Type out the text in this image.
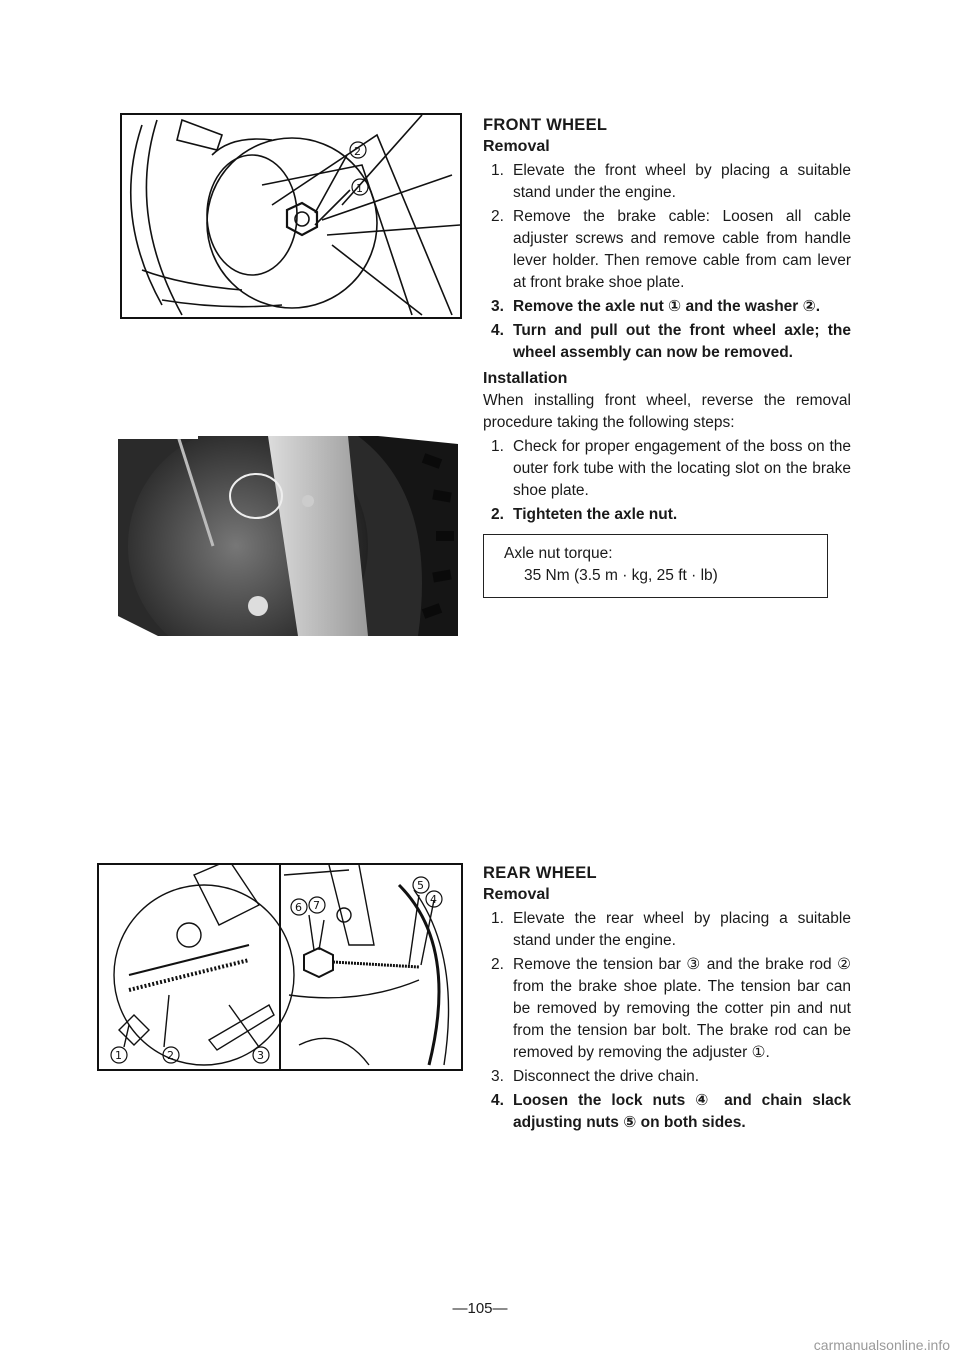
2
1
1	2	3
4
5
6 7
FRONT WHEEL
Removal
1. Elevate the front wheel by placing a suitable stand under the engine.
2. Remove the brake cable: Loosen all cable adjuster screws and remove cable from handle lever holder. Then remove cable from cam lever at front brake shoe plate.
3. Remove the axle nut ① and the washer ②.
4. Turn and pull out the front wheel axle; the wheel assembly can now be removed.
Installation

When installing front wheel, reverse the removal procedure taking the following steps:

1. Check for proper engagement of the boss on the outer fork tube with the locating slot on the brake shoe plate.
2. Tighteten the axle nut.
Axle nut torque:
35 Nm (3.5 m · kg, 25 ft · lb)
REAR WHEEL
Removal
1. Elevate the rear wheel by placing a suitable stand under the engine.
2. Remove the tension bar ③ and the brake rod ② from the brake shoe plate. The tension bar can be removed by removing the cotter pin and nut from the tension bar bolt. The brake rod can be removed by removing the adjuster ①.
3. Disconnect the drive chain.
4. Loosen the lock nuts ④ and chain slack adjusting nuts ⑤ on both sides.
—105—
carmanualsonline.info
